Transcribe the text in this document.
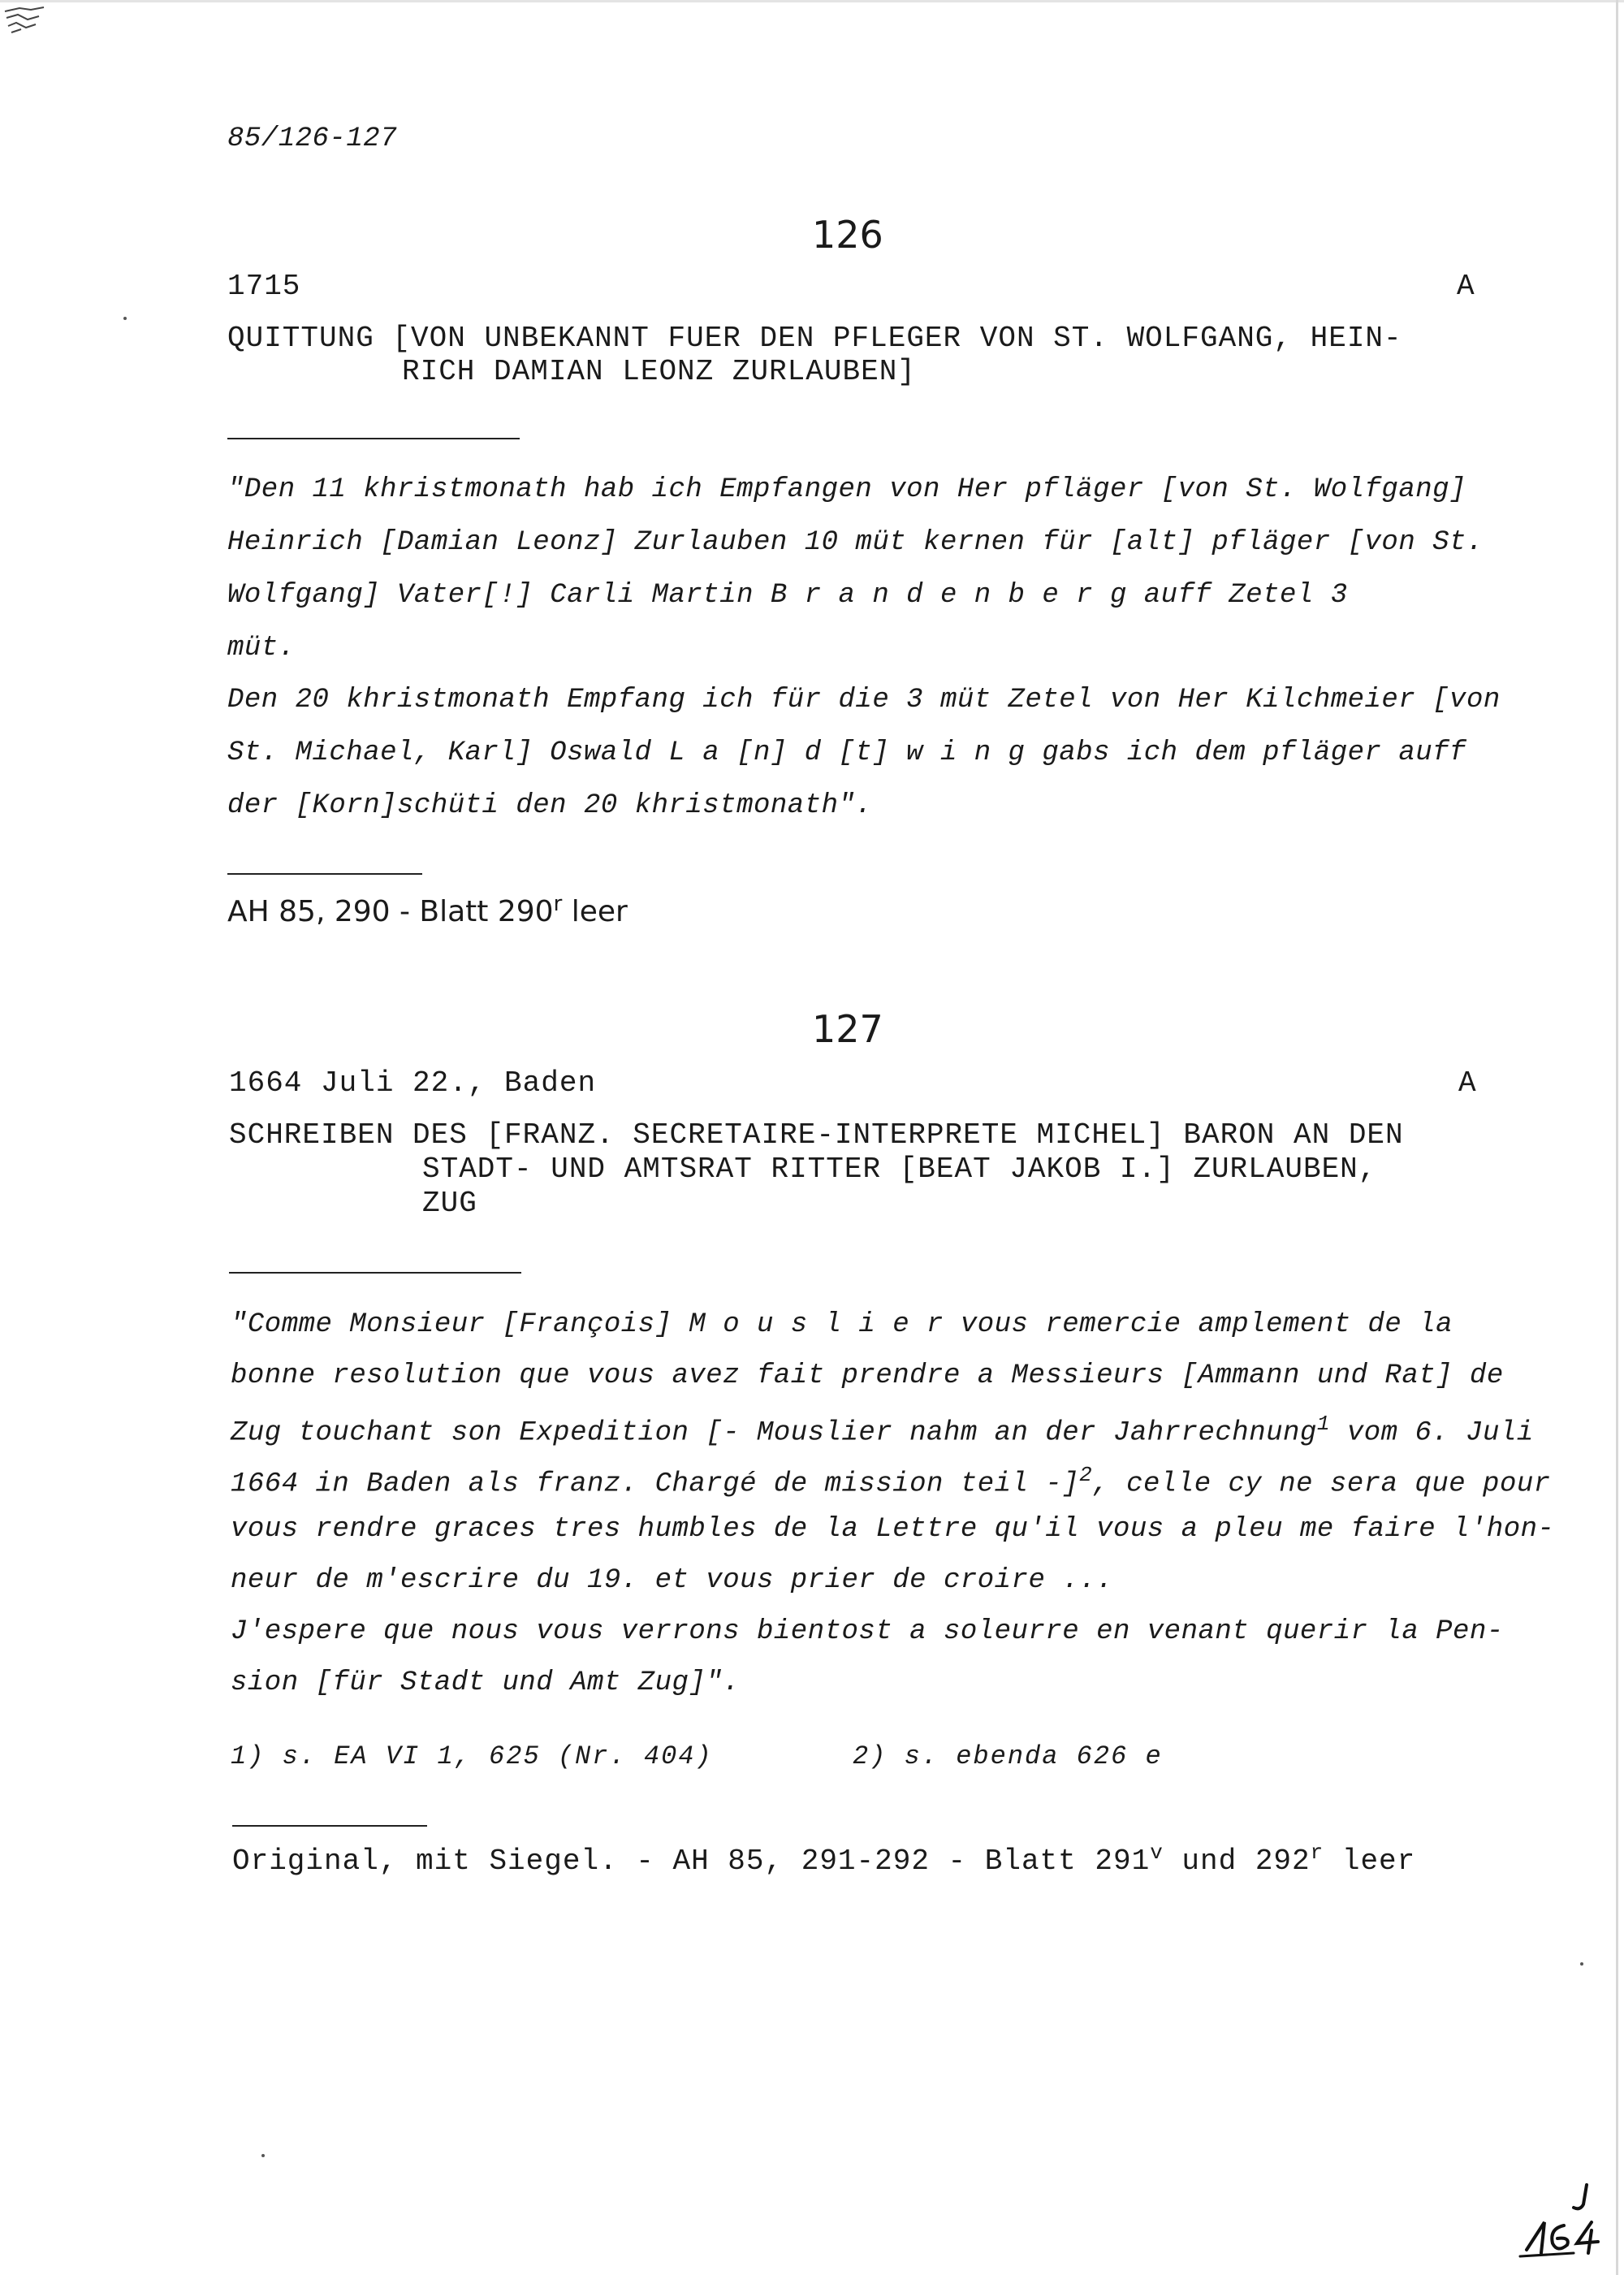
85/126-127
126
1715	A
QUITTUNG [VON UNBEKANNT FUER DEN PFLEGER VON ST. WOLFGANG, HEIN-
RICH DAMIAN LEONZ ZURLAUBEN]
"Den 11 khristmonath hab ich Empfangen von Her pfläger [von St. Wolfgang]
Heinrich [Damian Leonz] Zurlauben 10 müt kernen für [alt] pfläger [von St.
Wolfgang] Vater[!] Carli Martin B r a n d e n b e r g auff Zetel 3
müt.
Den 20 khristmonath Empfang ich für die 3 müt Zetel von Her Kilchmeier [von
St. Michael, Karl] Oswald L a [n] d [t] w i n g gabs ich dem pfläger auff
der [Korn]schüti den 20 khristmonath".
AH 85, 290 - Blatt 290$^r$ leer
127
1664 Juli 22., Baden	A
SCHREIBEN DES [FRANZ. SECRETAIRE-INTERPRETE MICHEL] BARON AN DEN
STADT- UND AMTSRAT RITTER [BEAT JAKOB I.] ZURLAUBEN,
ZUG
"Comme Monsieur [François] M o u s l i e r vous remercie amplement de la
bonne resolution que vous avez fait prendre a Messieurs [Ammann und Rat] de
Zug touchant son Expedition [- Mouslier nahm an der Jahrrechnung$^1$ vom 6. Juli
1664 in Baden als franz. Chargé de mission teil -]$^2$, celle cy ne sera que pour
vous rendre graces tres humbles de la Lettre qu'il vous a pleu me faire l'hon-
neur de m'escrire du 19. et vous prier de croire ...
J'espere que nous vous verrons bientost a soleurre en venant querir la Pen-
sion [für Stadt und Amt Zug]".
1) s. EA VI 1, 625 (Nr. 404)	2) s. ebenda 626 e
Original, mit Siegel. - AH 85, 291-292 - Blatt 291$^v$ und 292$^r$ leer
